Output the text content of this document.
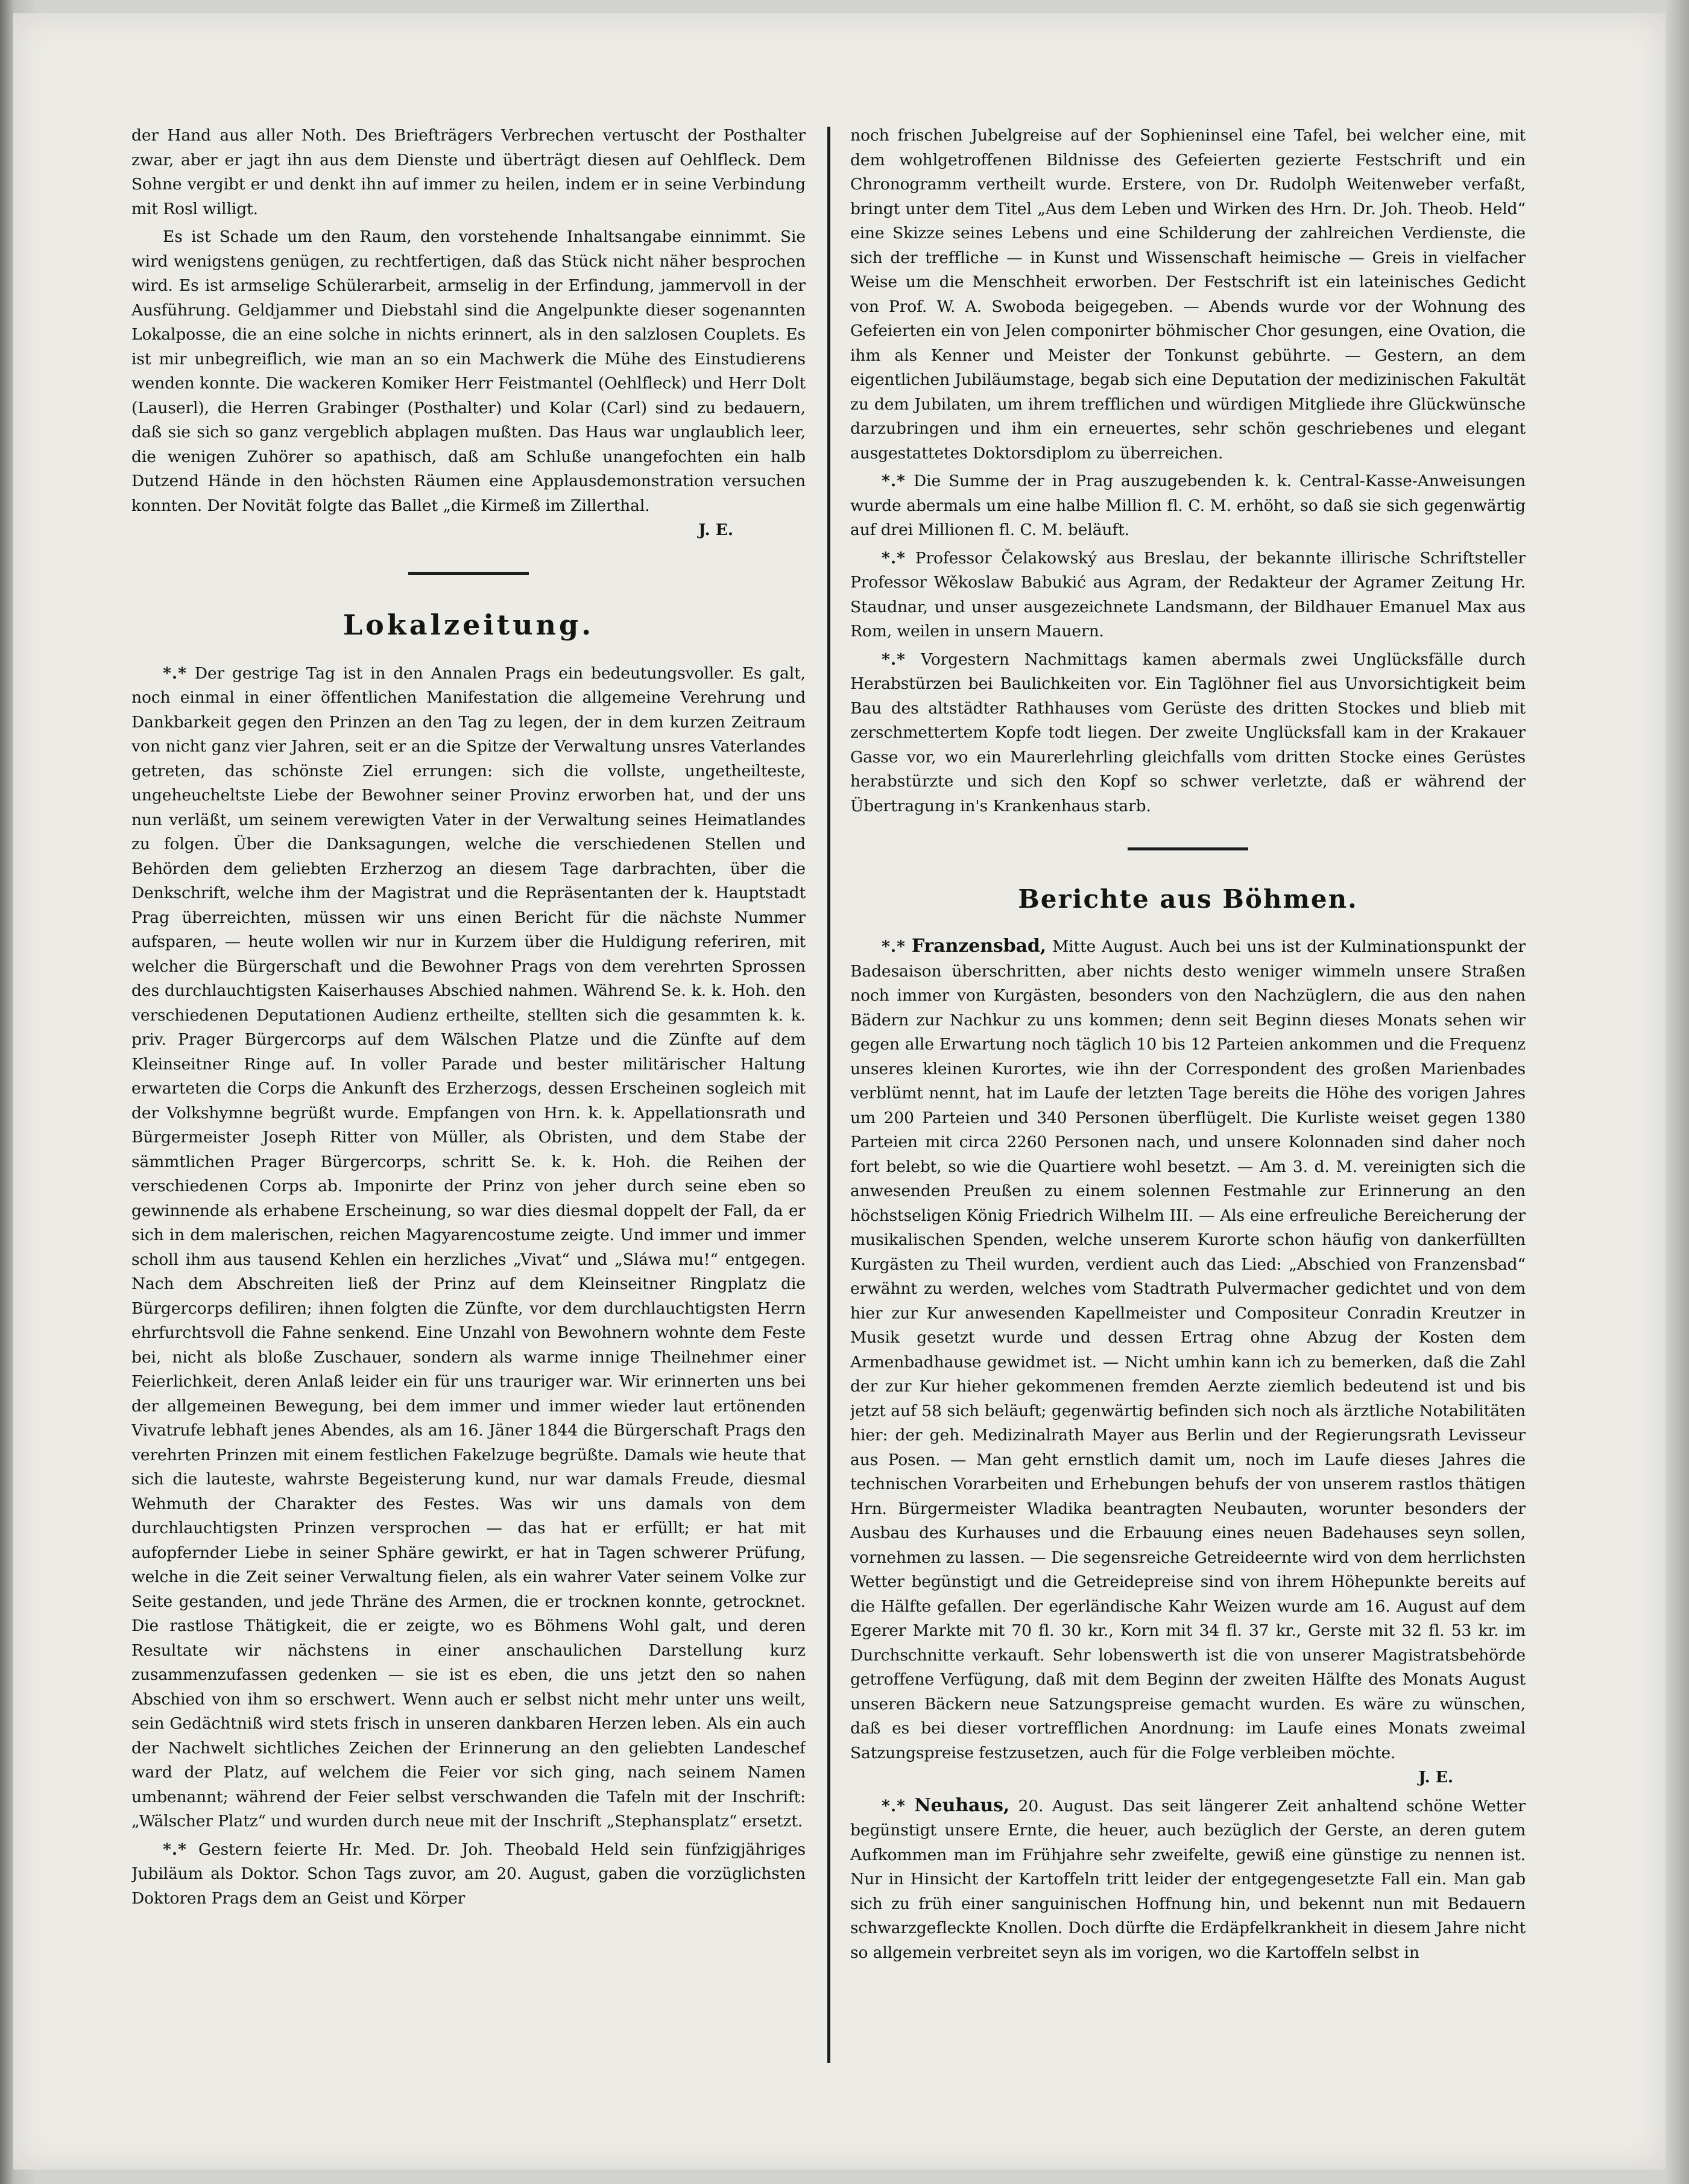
der Hand aus aller Noth. Des Briefträgers Verbrechen vertuscht der Posthalter zwar, aber er jagt ihn aus dem Dienste und überträgt diesen auf Oehlfleck. Dem Sohne vergibt er und denkt ihn auf immer zu heilen, indem er in seine Verbindung mit Rosl willigt.

Es ist Schade um den Raum, den vorstehende Inhaltsangabe einnimmt. Sie wird wenigstens genügen, zu rechtfertigen, daß das Stück nicht näher besprochen wird. Es ist armselige Schülerarbeit, armselig in der Erfindung, jammervoll in der Ausführung. Geldjammer und Diebstahl sind die Angelpunkte dieser sogenannten Lokalposse, die an eine solche in nichts erinnert, als in den salzlosen Couplets. Es ist mir unbegreiflich, wie man an so ein Machwerk die Mühe des Einstudierens wenden konnte. Die wackeren Komiker Herr Feistmantel (Oehlfleck) und Herr Dolt (Lauserl), die Herren Grabinger (Posthalter) und Kolar (Carl) sind zu bedauern, daß sie sich so ganz vergeblich abplagen mußten. Das Haus war unglaublich leer, die wenigen Zuhörer so apathisch, daß am Schluße unangefochten ein halb Dutzend Hände in den höchsten Räumen eine Applausdemonstration versuchen konnten. Der Novität folgte das Ballet „die Kirmeß im Zillerthal.
J. E.

Lokalzeitung.

*.* Der gestrige Tag ist in den Annalen Prags ein bedeutungsvoller. Es galt, noch einmal in einer öffentlichen Manifestation die allgemeine Verehrung und Dankbarkeit gegen den Prinzen an den Tag zu legen, der in dem kurzen Zeitraum von nicht ganz vier Jahren, seit er an die Spitze der Verwaltung unsres Vaterlandes getreten, das schönste Ziel errungen: sich die vollste, ungetheilteste, ungeheucheltste Liebe der Bewohner seiner Provinz erworben hat, und der uns nun verläßt, um seinem verewigten Vater in der Verwaltung seines Heimatlandes zu folgen. Über die Danksagungen, welche die verschiedenen Stellen und Behörden dem geliebten Erzherzog an diesem Tage darbrachten, über die Denkschrift, welche ihm der Magistrat und die Repräsentanten der k. Hauptstadt Prag überreichten, müssen wir uns einen Bericht für die nächste Nummer aufsparen, — heute wollen wir nur in Kurzem über die Huldigung referiren, mit welcher die Bürgerschaft und die Bewohner Prags von dem verehrten Sprossen des durchlauchtigsten Kaiserhauses Abschied nahmen. Während Se. k. k. Hoh. den verschiedenen Deputationen Audienz ertheilte, stellten sich die gesammten k. k. priv. Prager Bürgercorps auf dem Wälschen Platze und die Zünfte auf dem Kleinseitner Ringe auf. In voller Parade und bester militärischer Haltung erwarteten die Corps die Ankunft des Erzherzogs, dessen Erscheinen sogleich mit der Volkshymne begrüßt wurde. Empfangen von Hrn. k. k. Appellationsrath und Bürgermeister Joseph Ritter von Müller, als Obristen, und dem Stabe der sämmtlichen Prager Bürgercorps, schritt Se. k. k. Hoh. die Reihen der verschiedenen Corps ab. Imponirte der Prinz von jeher durch seine eben so gewinnende als erhabene Erscheinung, so war dies diesmal doppelt der Fall, da er sich in dem malerischen, reichen Magyarencostume zeigte. Und immer und immer scholl ihm aus tausend Kehlen ein herzliches „Vivat“ und „Sláwa mu!“ entgegen. Nach dem Abschreiten ließ der Prinz auf dem Kleinseitner Ringplatz die Bürgercorps defiliren; ihnen folgten die Zünfte, vor dem durchlauchtigsten Herrn ehrfurchtsvoll die Fahne senkend. Eine Unzahl von Bewohnern wohnte dem Feste bei, nicht als bloße Zuschauer, sondern als warme innige Theilnehmer einer Feierlichkeit, deren Anlaß leider ein für uns trauriger war. Wir erinnerten uns bei der allgemeinen Bewegung, bei dem immer und immer wieder laut ertönenden Vivatrufe lebhaft jenes Abendes, als am 16. Jäner 1844 die Bürgerschaft Prags den verehrten Prinzen mit einem festlichen Fakelzuge begrüßte. Damals wie heute that sich die lauteste, wahrste Begeisterung kund, nur war damals Freude, diesmal Wehmuth der Charakter des Festes. Was wir uns damals von dem durchlauchtigsten Prinzen versprochen — das hat er erfüllt; er hat mit aufopfernder Liebe in seiner Sphäre gewirkt, er hat in Tagen schwerer Prüfung, welche in die Zeit seiner Verwaltung fielen, als ein wahrer Vater seinem Volke zur Seite gestanden, und jede Thräne des Armen, die er trocknen konnte, getrocknet. Die rastlose Thätigkeit, die er zeigte, wo es Böhmens Wohl galt, und deren Resultate wir nächstens in einer anschaulichen Darstellung kurz zusammenzufassen gedenken — sie ist es eben, die uns jetzt den so nahen Abschied von ihm so erschwert. Wenn auch er selbst nicht mehr unter uns weilt, sein Gedächtniß wird stets frisch in unseren dankbaren Herzen leben. Als ein auch der Nachwelt sichtliches Zeichen der Erinnerung an den geliebten Landeschef ward der Platz, auf welchem die Feier vor sich ging, nach seinem Namen umbenannt; während der Feier selbst verschwanden die Tafeln mit der Inschrift: „Wälscher Platz“ und wurden durch neue mit der Inschrift „Stephansplatz“ ersetzt.

*.* Gestern feierte Hr. Med. Dr. Joh. Theobald Held sein fünfzigjähriges Jubiläum als Doktor. Schon Tags zuvor, am 20. August, gaben die vorzüglichsten Doktoren Prags dem an Geist und Körper

noch frischen Jubelgreise auf der Sophieninsel eine Tafel, bei welcher eine, mit dem wohlgetroffenen Bildnisse des Gefeierten gezierte Festschrift und ein Chronogramm vertheilt wurde. Erstere, von Dr. Rudolph Weitenweber verfaßt, bringt unter dem Titel „Aus dem Leben und Wirken des Hrn. Dr. Joh. Theob. Held“ eine Skizze seines Lebens und eine Schilderung der zahlreichen Verdienste, die sich der treffliche — in Kunst und Wissenschaft heimische — Greis in vielfacher Weise um die Menschheit erworben. Der Festschrift ist ein lateinisches Gedicht von Prof. W. A. Swoboda beigegeben. — Abends wurde vor der Wohnung des Gefeierten ein von Jelen componirter böhmischer Chor gesungen, eine Ovation, die ihm als Kenner und Meister der Tonkunst gebührte. — Gestern, an dem eigentlichen Jubiläumstage, begab sich eine Deputation der medizinischen Fakultät zu dem Jubilaten, um ihrem trefflichen und würdigen Mitgliede ihre Glückwünsche darzubringen und ihm ein erneuertes, sehr schön geschriebenes und elegant ausgestattetes Doktorsdiplom zu überreichen.

*.* Die Summe der in Prag auszugebenden k. k. Central-Kasse-Anweisungen wurde abermals um eine halbe Million fl. C. M. erhöht, so daß sie sich gegenwärtig auf drei Millionen fl. C. M. beläuft.

*.* Professor Čelakowský aus Breslau, der bekannte illirische Schriftsteller Professor Wěkoslaw Babukić aus Agram, der Redakteur der Agramer Zeitung Hr. Staudnar, und unser ausgezeichnete Landsmann, der Bildhauer Emanuel Max aus Rom, weilen in unsern Mauern.

*.* Vorgestern Nachmittags kamen abermals zwei Unglücksfälle durch Herabstürzen bei Baulichkeiten vor. Ein Taglöhner fiel aus Unvorsichtigkeit beim Bau des altstädter Rathhauses vom Gerüste des dritten Stockes und blieb mit zerschmettertem Kopfe todt liegen. Der zweite Unglücksfall kam in der Krakauer Gasse vor, wo ein Maurerlehrling gleichfalls vom dritten Stocke eines Gerüstes herabstürzte und sich den Kopf so schwer verletzte, daß er während der Übertragung in's Krankenhaus starb.

Berichte aus Böhmen.

*.* Franzensbad, Mitte August. Auch bei uns ist der Kulminationspunkt der Badesaison überschritten, aber nichts desto weniger wimmeln unsere Straßen noch immer von Kurgästen, besonders von den Nachzüglern, die aus den nahen Bädern zur Nachkur zu uns kommen; denn seit Beginn dieses Monats sehen wir gegen alle Erwartung noch täglich 10 bis 12 Parteien ankommen und die Frequenz unseres kleinen Kurortes, wie ihn der Correspondent des großen Marienbades verblümt nennt, hat im Laufe der letzten Tage bereits die Höhe des vorigen Jahres um 200 Parteien und 340 Personen überflügelt. Die Kurliste weiset gegen 1380 Parteien mit circa 2260 Personen nach, und unsere Kolonnaden sind daher noch fort belebt, so wie die Quartiere wohl besetzt. — Am 3. d. M. vereinigten sich die anwesenden Preußen zu einem solennen Festmahle zur Erinnerung an den höchstseligen König Friedrich Wilhelm III. — Als eine erfreuliche Bereicherung der musikalischen Spenden, welche unserem Kurorte schon häufig von dankerfüllten Kurgästen zu Theil wurden, verdient auch das Lied: „Abschied von Franzensbad“ erwähnt zu werden, welches vom Stadtrath Pulvermacher gedichtet und von dem hier zur Kur anwesenden Kapellmeister und Compositeur Conradin Kreutzer in Musik gesetzt wurde und dessen Ertrag ohne Abzug der Kosten dem Armenbadhause gewidmet ist. — Nicht umhin kann ich zu bemerken, daß die Zahl der zur Kur hieher gekommenen fremden Aerzte ziemlich bedeutend ist und bis jetzt auf 58 sich beläuft; gegenwärtig befinden sich noch als ärztliche Notabilitäten hier: der geh. Medizinalrath Mayer aus Berlin und der Regierungsrath Levisseur aus Posen. — Man geht ernstlich damit um, noch im Laufe dieses Jahres die technischen Vorarbeiten und Erhebungen behufs der von unserem rastlos thätigen Hrn. Bürgermeister Wladika beantragten Neubauten, worunter besonders der Ausbau des Kurhauses und die Erbauung eines neuen Badehauses seyn sollen, vornehmen zu lassen. — Die segensreiche Getreideernte wird von dem herrlichsten Wetter begünstigt und die Getreidepreise sind von ihrem Höhepunkte bereits auf die Hälfte gefallen. Der egerländische Kahr Weizen wurde am 16. August auf dem Egerer Markte mit 70 fl. 30 kr., Korn mit 34 fl. 37 kr., Gerste mit 32 fl. 53 kr. im Durchschnitte verkauft. Sehr lobenswerth ist die von unserer Magistratsbehörde getroffene Verfügung, daß mit dem Beginn der zweiten Hälfte des Monats August unseren Bäckern neue Satzungspreise gemacht wurden. Es wäre zu wünschen, daß es bei dieser vortrefflichen Anordnung: im Laufe eines Monats zweimal Satzungspreise festzusetzen, auch für die Folge verbleiben möchte.
J. E.

*.* Neuhaus, 20. August. Das seit längerer Zeit anhaltend schöne Wetter begünstigt unsere Ernte, die heuer, auch bezüglich der Gerste, an deren gutem Aufkommen man im Frühjahre sehr zweifelte, gewiß eine günstige zu nennen ist. Nur in Hinsicht der Kartoffeln tritt leider der entgegengesetzte Fall ein. Man gab sich zu früh einer sanguinischen Hoffnung hin, und bekennt nun mit Bedauern schwarzgefleckte Knollen. Doch dürfte die Erdäpfelkrankheit in diesem Jahre nicht so allgemein verbreitet seyn als im vorigen, wo die Kartoffeln selbst in
